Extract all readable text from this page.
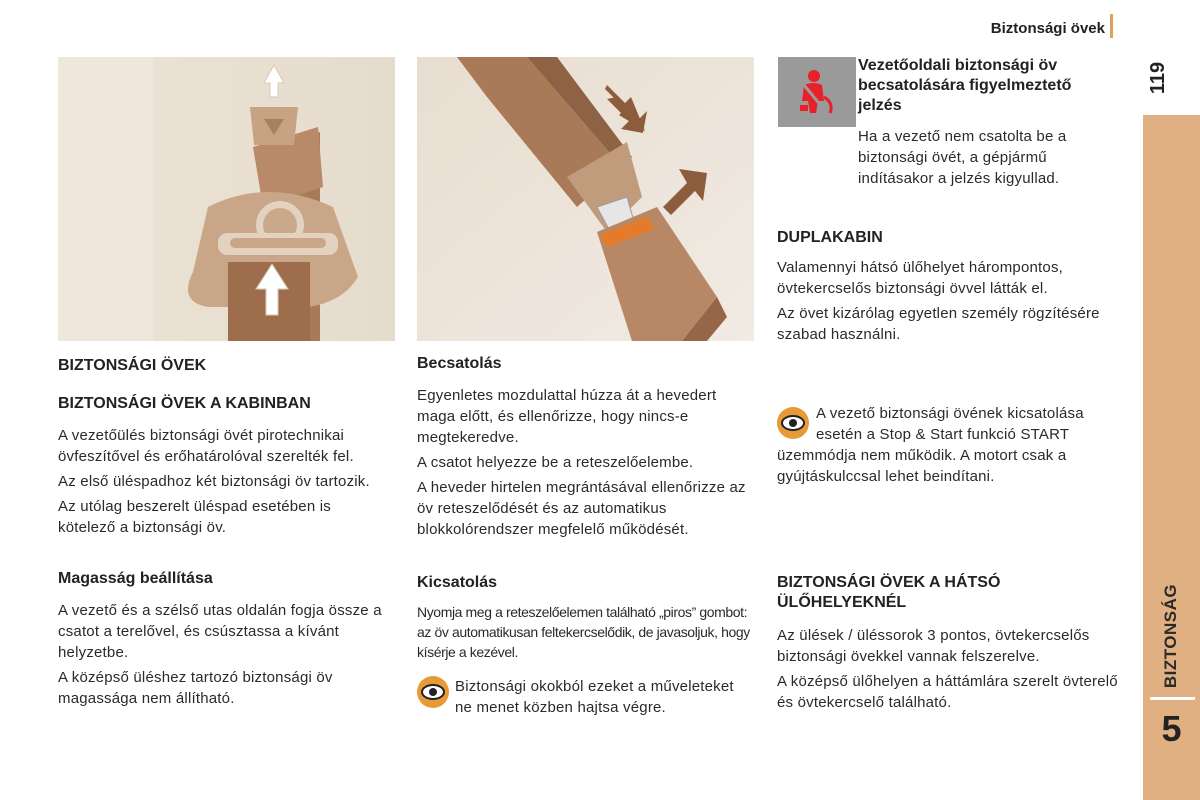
Biztonsági övek
119
BIZTONSÁG
5
BIZTONSÁGI ÖVEK
BIZTONSÁGI ÖVEK A KABINBAN

A vezetőülés biztonsági övét pirotechnikai övfeszítővel és erőhatárolóval szerelték fel.

Az első üléspadhoz két biztonsági öv tartozik.

Az utólag beszerelt üléspad esetében is kötelező a biztonsági öv.

Magasság beállítása

A vezető és a szélső utas oldalán fogja össze a csatot a terelővel, és csúsztassa a kívánt helyzetbe.

A középső üléshez tartozó biztonsági öv magassága nem állítható.

Becsatolás

Egyenletes mozdulattal húzza át a hevedert maga előtt, és ellenőrizze, hogy nincs-e megtekeredve.

A csatot helyezze be a reteszelőelembe.

A heveder hirtelen megrántásával ellenőrizze az öv reteszelődését és az automatikus blokkolórendszer megfelelő működését.

Kicsatolás

Nyomja meg a reteszelőelemen található „piros” gombot: az öv automatikusan feltekercselődik, de javasoljuk, hogy kísérje a kezével.

Biztonsági okokból ezeket a műveleteket ne menet közben hajtsa végre.

Vezetőoldali biztonsági öv becsatolására figyelmeztető jelzés

Ha a vezető nem csatolta be a biztonsági övét, a gépjármű indításakor a jelzés kigyullad.

DUPLAKABIN

Valamennyi hátsó ülőhelyet hárompontos, övtekercselős biztonsági övvel látták el.

Az övet kizárólag egyetlen személy rögzítésére szabad használni.

A vezető biztonsági övének kicsatolása esetén a Stop & Start funkció START

üzemmódja nem működik. A motort csak a gyújtáskulccsal lehet beindítani.

BIZTONSÁGI ÖVEK A HÁTSÓ ÜLŐHELYEKNÉL

Az ülések / üléssorok 3 pontos, övtekercselős biztonsági övekkel vannak felszerelve.

A középső ülőhelyen a háttámlára szerelt övterelő és övtekercselő található.
